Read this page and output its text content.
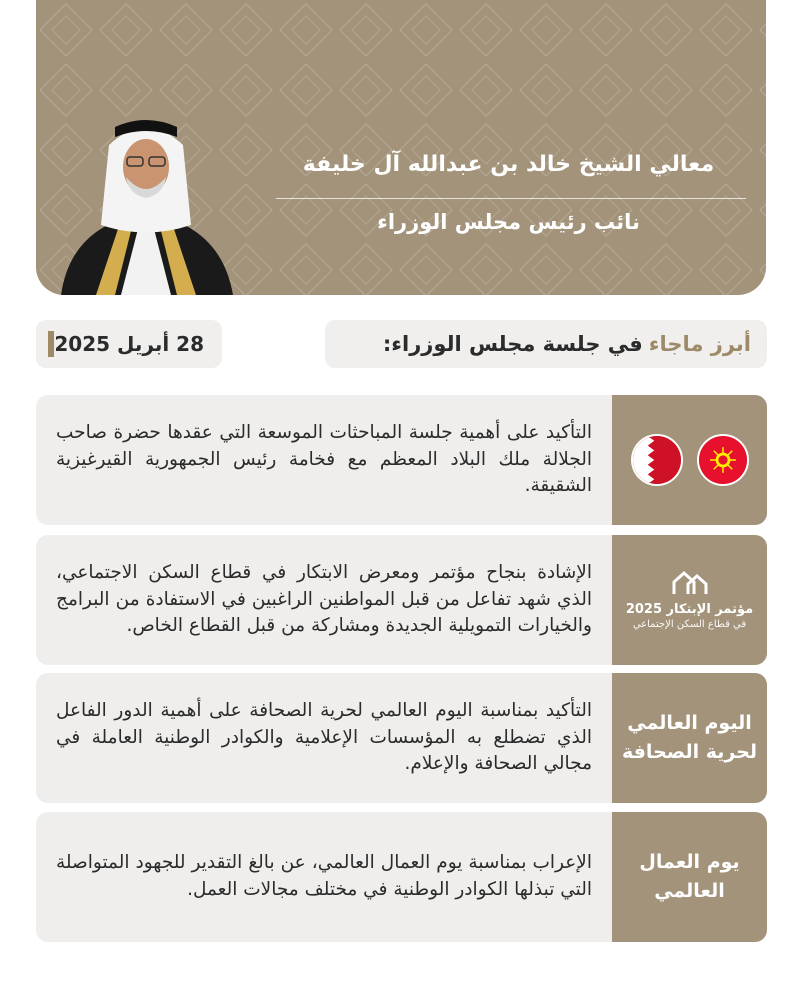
معالي الشيخ خالد بن عبدالله آل خليفة
نائب رئيس مجلس الوزراء
أبرز ماجاء
في جلسة مجلس الوزراء:
28 أبريل 2025
التأكيد على أهمية جلسة المباحثات الموسعة التي عقدها حضرة صاحب الجلالة ملك البلاد المعظم مع فخامة رئيس الجمهورية القيرغيزية الشقيقة.
مؤتمر الإبتكار 2025
في قطاع السكن الإجتماعي
الإشادة بنجاح مؤتمر ومعرض الابتكار في قطاع السكن الاجتماعي، الذي شهد تفاعل من قبل المواطنين الراغبين في الاستفادة من البرامج والخيارات التمويلية الجديدة ومشاركة من قبل القطاع الخاص.
اليوم العالمي
لحرية الصحافة
التأكيد بمناسبة اليوم العالمي لحرية الصحافة على أهمية الدور الفاعل الذي تضطلع به المؤسسات الإعلامية والكوادر الوطنية العاملة في مجالي الصحافة والإعلام.
يوم العمال
العالمي
الإعراب بمناسبة يوم العمال العالمي، عن بالغ التقدير للجهود المتواصلة التي تبذلها الكوادر الوطنية في مختلف مجالات العمل.
